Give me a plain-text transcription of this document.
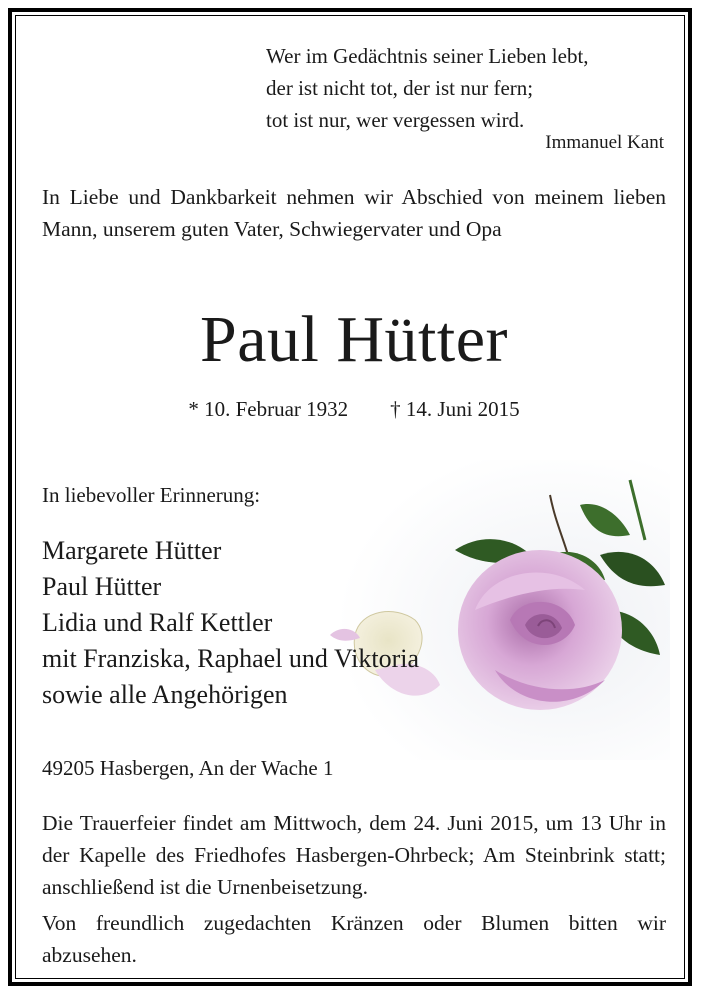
Wer im Gedächtnis seiner Lieben lebt,
der ist nicht tot, der ist nur fern;
tot ist nur, wer vergessen wird.
Immanuel Kant
In Liebe und Dankbarkeit nehmen wir Abschied von meinem lieben Mann, unserem guten Vater, Schwiegervater und Opa
Paul Hütter
* 10. Februar 1932 † 14. Juni 2015
In liebevoller Erinnerung:
Margarete Hütter
Paul Hütter
Lidia und Ralf Kettler
mit Franziska, Raphael und Viktoria
sowie alle Angehörigen
49205 Hasbergen, An der Wache 1
Die Trauerfeier findet am Mittwoch, dem 24. Juni 2015, um 13 Uhr in der Kapelle des Friedhofes Hasbergen-Ohrbeck; Am Steinbrink statt; anschließend ist die Urnenbeisetzung.
Von freundlich zugedachten Kränzen oder Blumen bitten wir abzusehen.
